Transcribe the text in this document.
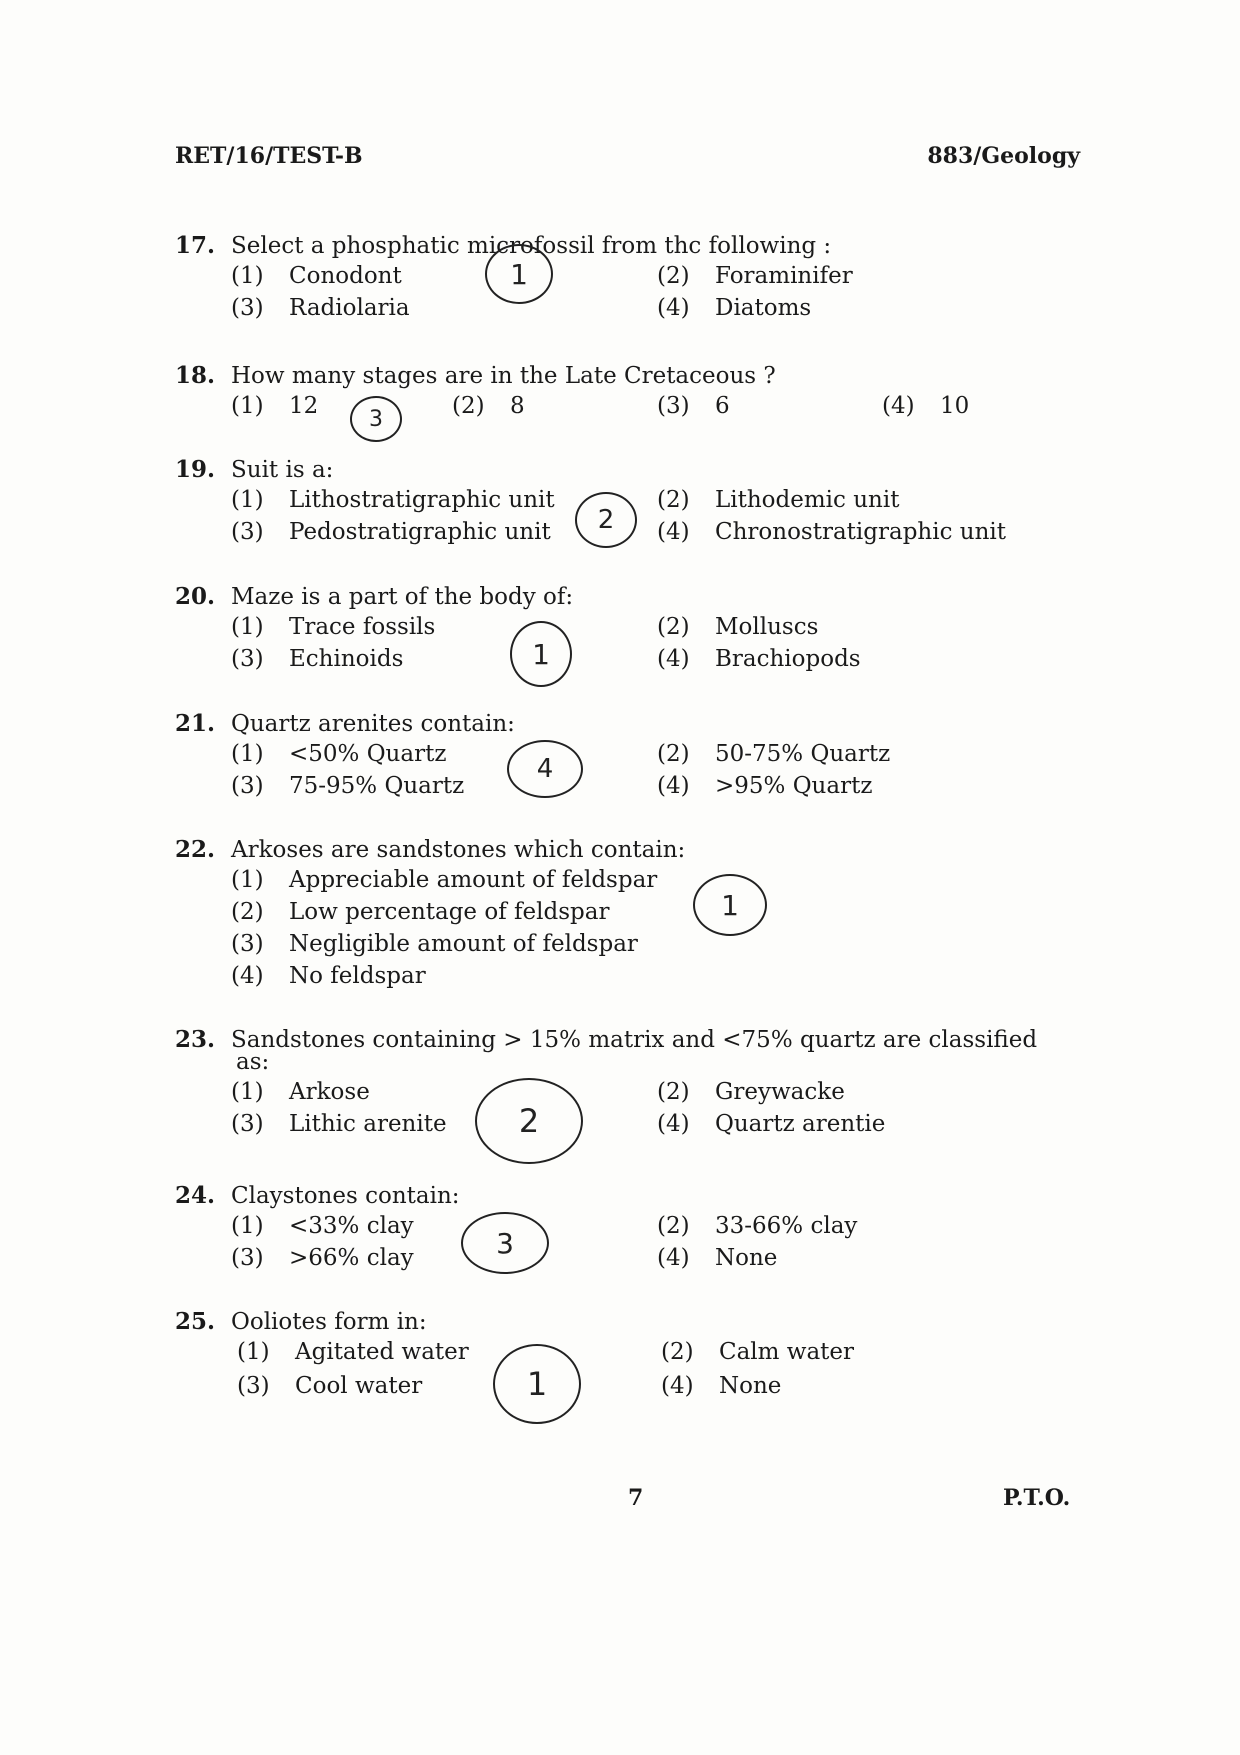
RET/16/TEST-B	883/Geology
17. Select a phosphatic microfossil from thc following :
(1) Conodont	(2) Foraminifer
(3) Radiolaria	(4) Diatoms
1
18. How many stages are in the Late Cretaceous ?
(1) 12	(2) 8	(3) 6	(4) 10
3
19. Suit is a:
(1) Lithostratigraphic unit	(2) Lithodemic unit
(3) Pedostratigraphic unit	(4) Chronostratigraphic unit
2
20. Maze is a part of the body of:
(1) Trace fossils	(2) Molluscs
(3) Echinoids	(4) Brachiopods
1
21. Quartz arenites contain:
(1) <50% Quartz	(2) 50-75% Quartz
(3) 75-95% Quartz	(4) >95% Quartz
4
22. Arkoses are sandstones which contain:
(1) Appreciable amount of feldspar
(2) Low percentage of feldspar
(3) Negligible amount of feldspar
(4) No feldspar
1
23. Sandstones containing > 15% matrix and <75% quartz are classified
as:
(1) Arkose	(2) Greywacke
(3) Lithic arenite	(4) Quartz arentie
2
24. Claystones contain:
(1) <33% clay	(2) 33-66% clay
(3) >66% clay	(4) None
3
25. Ooliotes form in:
(1) Agitated water	(2) Calm water
(3) Cool water	(4) None
1
7	P.T.O.
